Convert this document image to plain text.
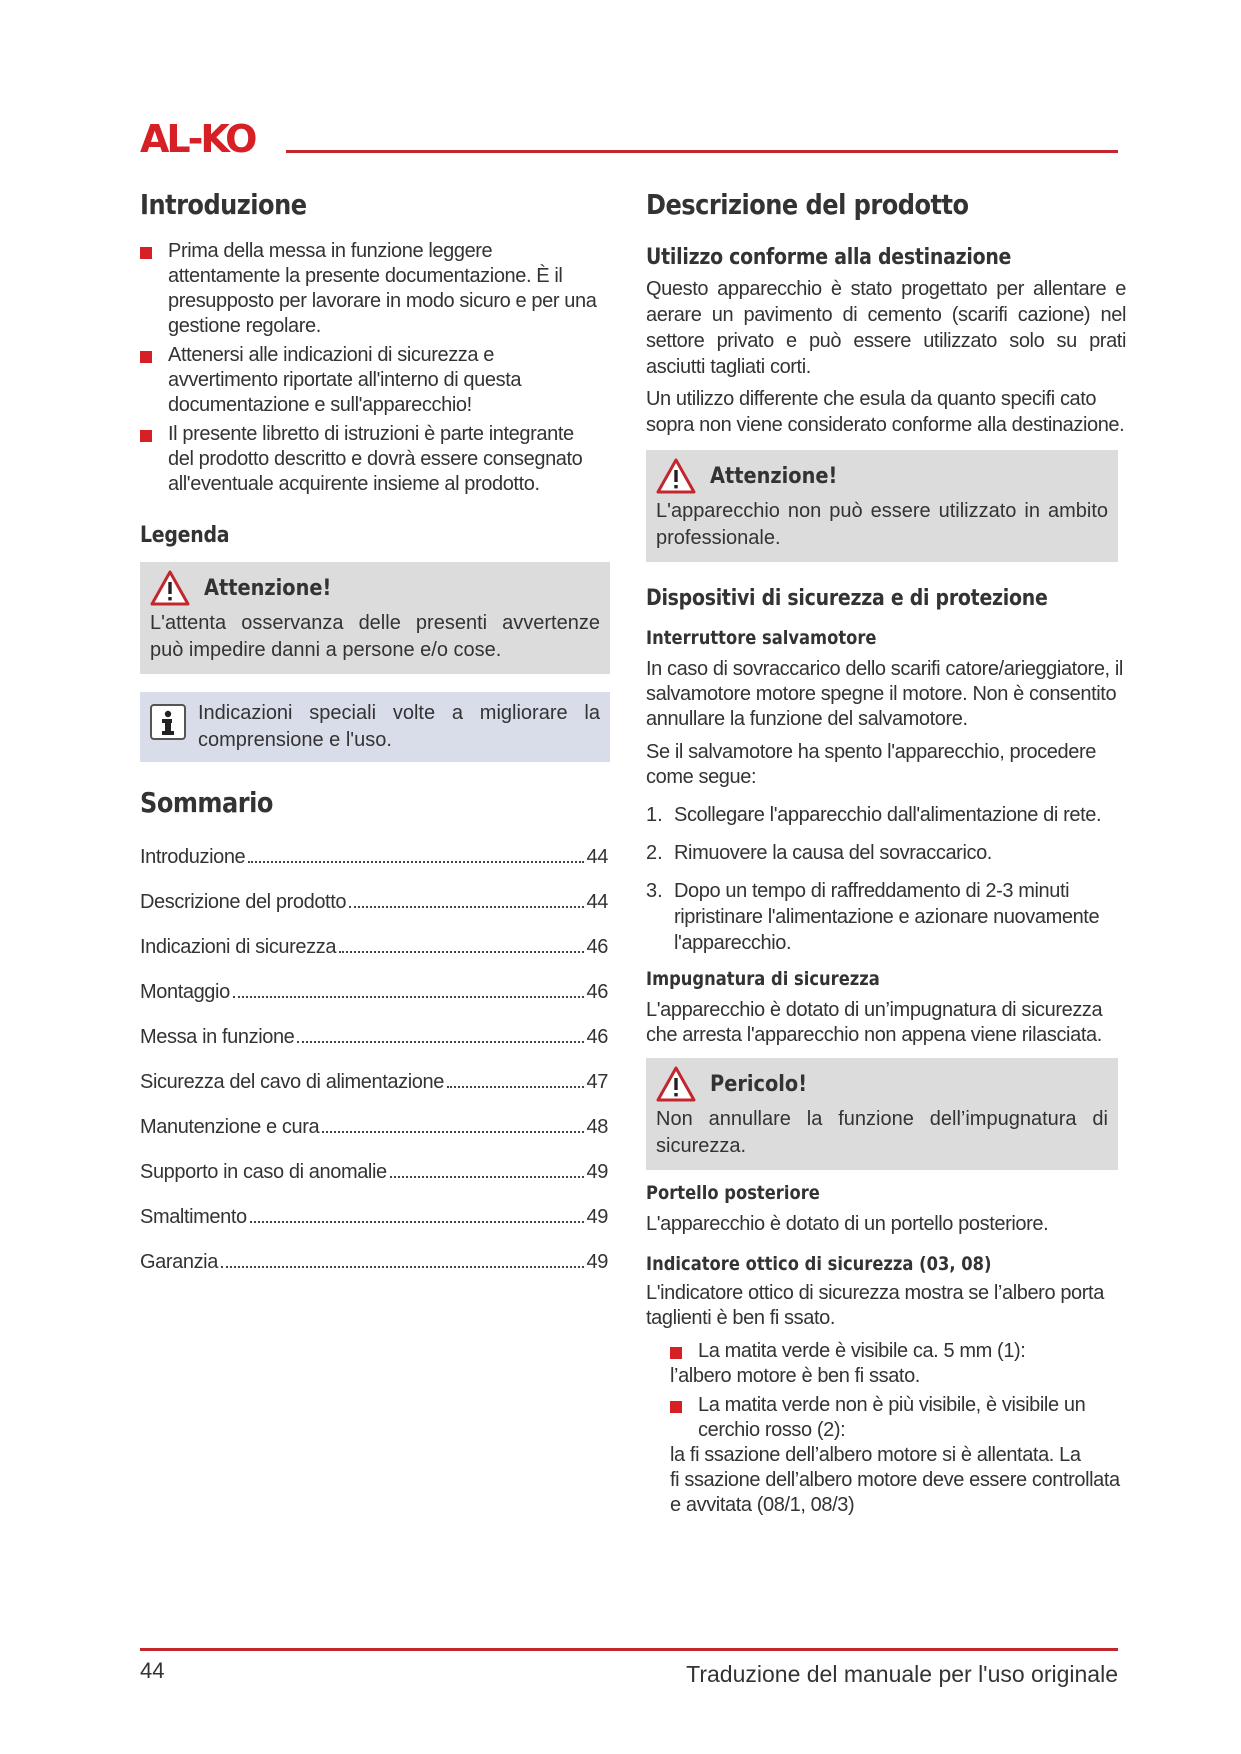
AL-KO
Introduzione
Prima della messa in funzione leggere attentamente la presente documentazione. È il presupposto per lavorare in modo sicuro e per una gestione regolare.
Attenersi alle indicazioni di sicurezza e avvertimento riportate all'interno di questa documentazione e sull'apparecchio!
Il presente libretto di istruzioni è parte integrante del prodotto descritto e dovrà essere consegnato all'eventuale acquirente insieme al prodotto.
Legenda
Attenzione!
L'attenta osservanza delle presenti avvertenze può impedire danni a persone e/o cose.
Indicazioni speciali volte a migliorare la comprensione e l'uso.
Sommario
Introduzione	44
Descrizione del prodotto	44
Indicazioni di sicurezza	46
Montaggio	46
Messa in funzione	46
Sicurezza del cavo di alimentazione	47
Manutenzione e cura	48
Supporto in caso di anomalie	49
Smaltimento	49
Garanzia	49
Descrizione del prodotto
Utilizzo conforme alla destinazione

Questo apparecchio è stato progettato per allentare e aerare un pavimento di cemento (scarifi cazione) nel settore privato e può essere utilizzato solo su prati asciutti tagliati corti.

Un utilizzo differente che esula da quanto specifi cato sopra non viene considerato conforme alla destinazione.

Attenzione!
L'apparecchio non può essere utilizzato in ambito professionale.
Dispositivi di sicurezza e di protezione
Interruttore salvamotore

In caso di sovraccarico dello scarifi catore/arieggiatore, il salvamotore motore spegne il motore. Non è consentito annullare la funzione del salvamotore.

Se il salvamotore ha spento l'apparecchio, procedere come segue:

1. Scollegare l'apparecchio dall'alimentazione di rete.
2. Rimuovere la causa del sovraccarico.
3. Dopo un tempo di raffreddamento di 2-3 minuti ripristinare l'alimentazione e azionare nuovamente l'apparecchio.
Impugnatura di sicurezza

L'apparecchio è dotato di un’impugnatura di sicurezza che arresta l'apparecchio non appena viene rilasciata.

Pericolo!
Non annullare la funzione dell’impugnatura di sicurezza.
Portello posteriore

L'apparecchio è dotato di un portello posteriore.

Indicatore ottico di sicurezza (03, 08)

L'indicatore ottico di sicurezza mostra se l’albero porta taglienti è ben fi ssato.

La matita verde è visibile ca. 5 mm (1):
l’albero motore è ben fi ssato.
La matita verde non è più visibile, è visibile un cerchio rosso (2):
la fi ssazione dell’albero motore si è allentata. La
fi ssazione dell’albero motore deve essere controllata e avvitata (08/1, 08/3)
44	Traduzione del manuale per l'uso originale
